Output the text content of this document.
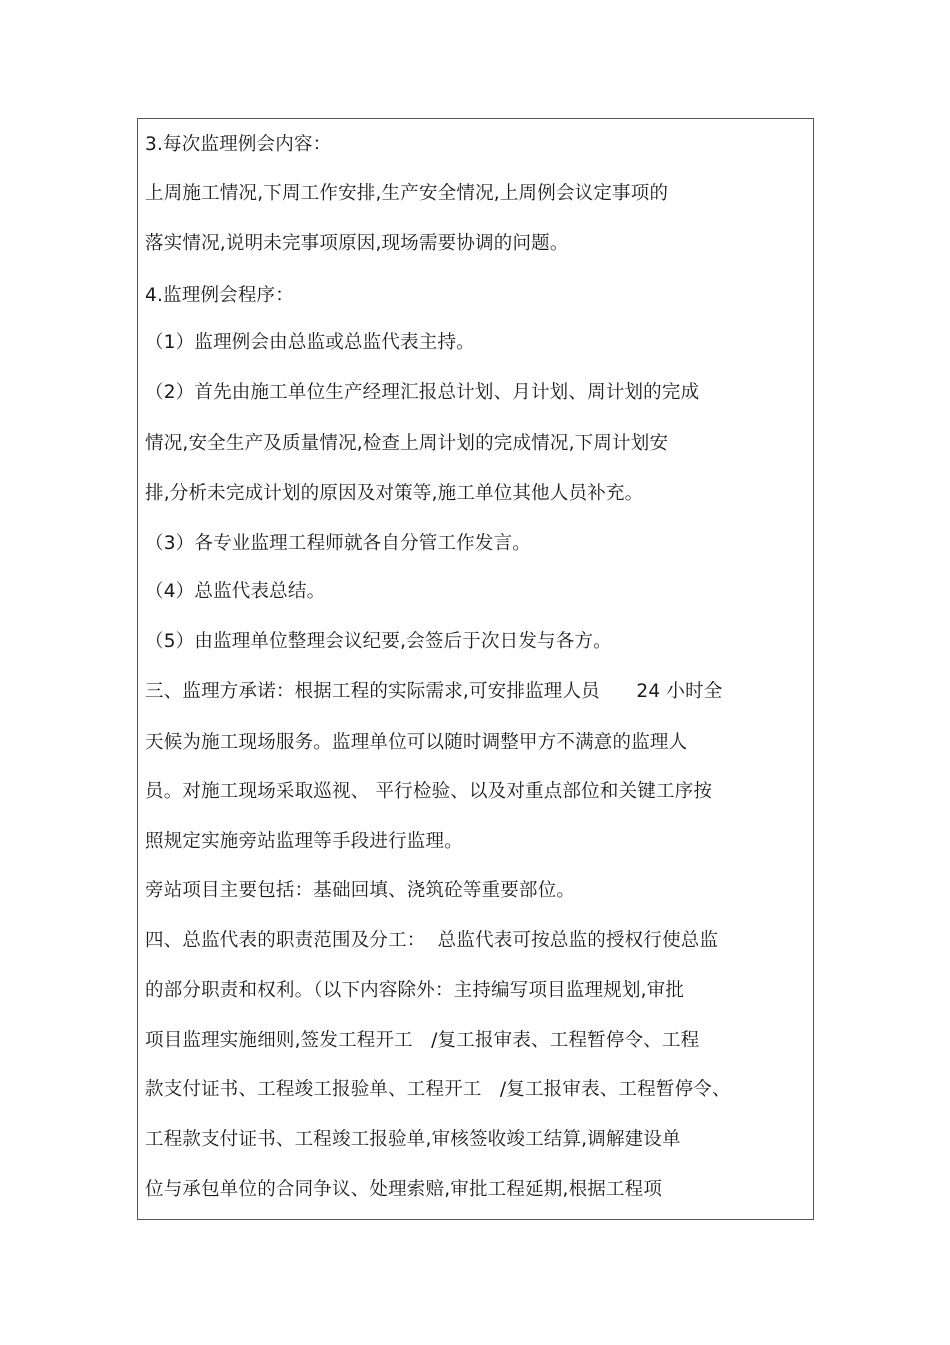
3.每次监理例会内容：
上周施工情况,下周工作安排,生产安全情况,上周例会议定事项的
落实情况,说明未完事项原因,现场需要协调的问题。
4.监理例会程序：
（1）监理例会由总监或总监代表主持。
（2）首先由施工单位生产经理汇报总计划、月计划、周计划的完成
情况,安全生产及质量情况,检查上周计划的完成情况,下周计划安
排,分析未完成计划的原因及对策等,施工单位其他人员补充。
（3）各专业监理工程师就各自分管工作发言。
（4）总监代表总结。
（5）由监理单位整理会议纪要,会签后于次日发与各方。
三、监理方承诺：根据工程的实际需求,可安排监理人员      24 小时全
天候为施工现场服务。监理单位可以随时调整甲方不满意的监理人
员。对施工现场采取巡视、 平行检验、以及对重点部位和关键工序按
照规定实施旁站监理等手段进行监理。
旁站项目主要包括：基础回填、浇筑砼等重要部位。
四、总监代表的职责范围及分工：  总监代表可按总监的授权行使总监
的部分职责和权利。（以下内容除外：主持编写项目监理规划,审批
项目监理实施细则,签发工程开工   /复工报审表、工程暂停令、工程
款支付证书、工程竣工报验单、工程开工   /复工报审表、工程暂停令、
工程款支付证书、工程竣工报验单,审核签收竣工结算,调解建设单
位与承包单位的合同争议、处理索赔,审批工程延期,根据工程项
